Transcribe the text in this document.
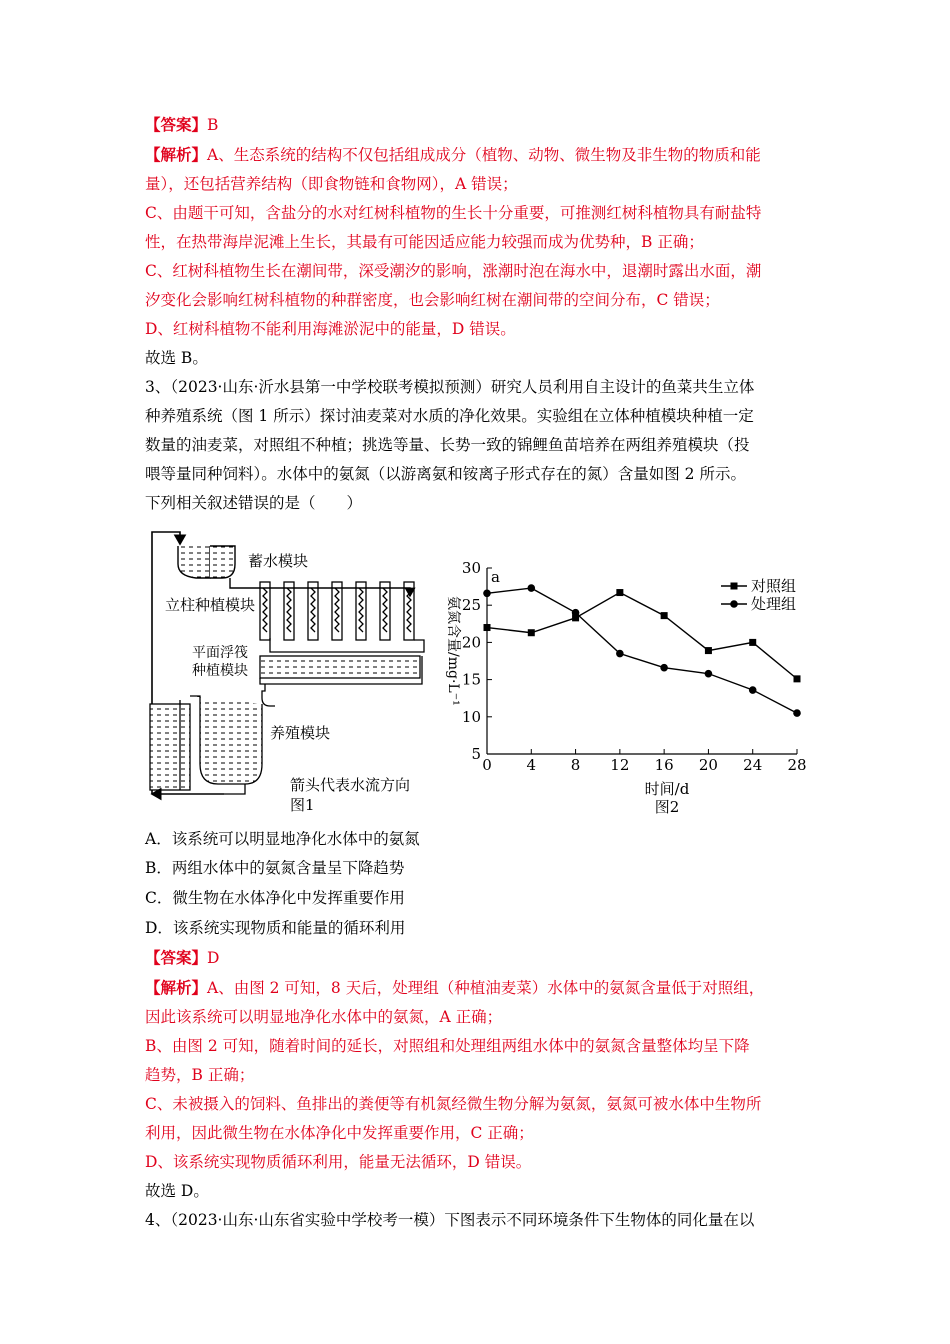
【答案】B
【解析】A、生态系统的结构不仅包括组成成分（植物、动物、微生物及非生物的物质和能
量），还包括营养结构（即食物链和食物网），A 错误；
C、由题干可知，含盐分的水对红树科植物的生长十分重要，可推测红树科植物具有耐盐特
性，在热带海岸泥滩上生长，其最有可能因适应能力较强而成为优势种，B 正确；
C、红树科植物生长在潮间带，深受潮汐的影响，涨潮时泡在海水中，退潮时露出水面，潮
汐变化会影响红树科植物的种群密度，也会影响红树在潮间带的空间分布，C 错误；
D、红树科植物不能利用海滩淤泥中的能量，D 错误。
故选 B。
3、（2023·山东·沂水县第一中学校联考模拟预测）研究人员利用自主设计的鱼菜共生立体
种养殖系统（图 1 所示）探讨油麦菜对水质的净化效果。实验组在立体种植模块种植一定
数量的油麦菜，对照组不种植；挑选等量、长势一致的锦鲤鱼苗培养在两组养殖模块（投
喂等量同种饲料）。水体中的氨氮（以游离氨和铵离子形式存在的氮）含量如图 2 所示。
下列相关叙述错误的是（　　）
蓄水模块
立柱种植模块
平面浮筏
种植模块
养殖模块
箭头代表水流方向
图1
5
10
15
20
25
30
0 4 8 12 16 20 24 28
对照组
处理组
a
氨氮含量/mg·L⁻¹
时间/d
图2
A．该系统可以明显地净化水体中的氨氮
B．两组水体中的氨氮含量呈下降趋势
C．微生物在水体净化中发挥重要作用
D．该系统实现物质和能量的循环利用
【答案】D
【解析】A、由图 2 可知，8 天后，处理组（种植油麦菜）水体中的氨氮含量低于对照组，
因此该系统可以明显地净化水体中的氨氮，A 正确；
B、由图 2 可知，随着时间的延长，对照组和处理组两组水体中的氨氮含量整体均呈下降
趋势，B 正确；
C、未被摄入的饲料、鱼排出的粪便等有机氮经微生物分解为氨氮，氨氮可被水体中生物所
利用，因此微生物在水体净化中发挥重要作用，C 正确；
D、该系统实现物质循环利用，能量无法循环，D 错误。
故选 D。
4、（2023·山东·山东省实验中学校考一模）下图表示不同环境条件下生物体的同化量在以
